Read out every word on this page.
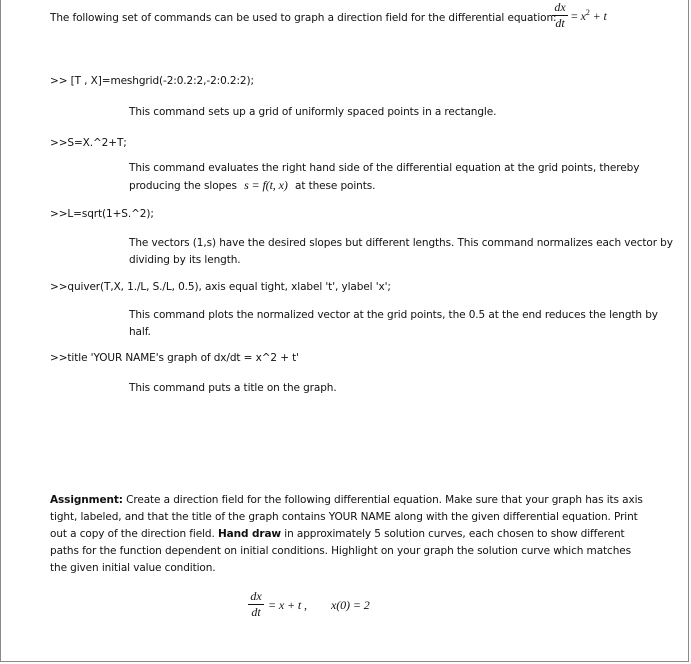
The following set of commands can be used to graph a direction field for the differential equation:
dx
dt = $x^2 + t$
>> [T , X]=meshgrid(-2:0.2:2,-2:0.2:2);
This command sets up a grid of uniformly spaced points in a rectangle.
>>S=X.^2+T;
This command evaluates the right hand side of the differential equation at the grid points, thereby
producing the slopes s = f(t, x) at these points.
>>L=sqrt(1+S.^2);
The vectors (1,s) have the desired slopes but different lengths. This command normalizes each vector by
dividing by its length.
>>quiver(T,X, 1./L, S./L, 0.5), axis equal tight, xlabel 't', ylabel 'x';
This command plots the normalized vector at the grid points, the 0.5 at the end reduces the length by
half.
>>title 'YOUR NAME's graph of dx/dt = x^2 + t'
This command puts a title on the graph.
Assignment: Create a direction field for the following differential equation. Make sure that your graph has its axis tight, labeled, and that the title of the graph contains YOUR NAME along with the given differential equation. Print out a copy of the direction field. Hand draw in approximately 5 solution curves, each chosen to show different paths for the function dependent on initial conditions. Highlight on your graph the solution curve which matches the given initial value condition.
dx
dt = x + t , x(0) = 2
